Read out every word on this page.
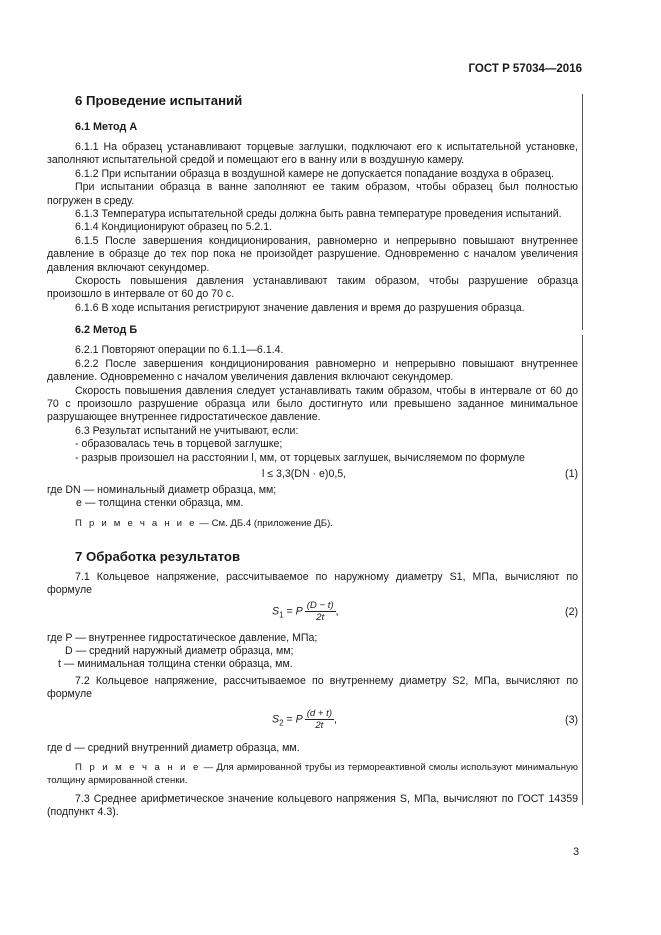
ГОСТ Р 57034—2016
6 Проведение испытаний
6.1 Метод А

6.1.1 На образец устанавливают торцевые заглушки, подключают его к испытательной установке, заполняют испытательной средой и помещают его в ванну или в воздушную камеру.

6.1.2 При испытании образца в воздушной камере не допускается попадание воздуха в образец.

При испытании образца в ванне заполняют ее таким образом, чтобы образец был полностью погружен в среду.

6.1.3 Температура испытательной среды должна быть равна температуре проведения испытаний.

6.1.4 Кондиционируют образец по 5.2.1.

6.1.5 После завершения кондиционирования, равномерно и непрерывно повышают внутреннее давление в образце до тех пор пока не произойдет разрушение. Одновременно с началом увеличения давления включают секундомер.

Скорость повышения давления устанавливают таким образом, чтобы разрушение образца произошло в интервале от 60 до 70 с.

6.1.6 В ходе испытания регистрируют значение давления и время до разрушения образца.

6.2 Метод Б

6.2.1 Повторяют операции по 6.1.1—6.1.4.

6.2.2 После завершения кондиционирования равномерно и непрерывно повышают внутреннее давление. Одновременно с началом увеличения давления включают секундомер.

Скорость повышения давления следует устанавливать таким образом, чтобы в интервале от 60 до 70 с произошло разрушение образца или было достигнуто или превышено заданное минимальное разрушающее внутреннее гидростатическое давление.

6.3 Результат испытаний не учитывают, если:

- образовалась течь в торцевой заглушке;

- разрыв произошел на расстоянии l, мм, от торцевых заглушек, вычисляемом по формуле

l ≤ 3,3(DN · e)0,5,	(1)

где DN — номинальный диаметр образца, мм;

e — толщина стенки образца, мм.

П р и м е ч а н и е — См. ДБ.4 (приложение ДБ).

7 Обработка результатов

7.1 Кольцевое напряжение, рассчитываемое по наружному диаметру S1, МПа, вычисляют по формуле

$S_1 = P \frac{(D - t)}{2t}$ ,	(2)

где P — внутреннее гидростатическое давление, МПа;

D — средний наружный диаметр образца, мм;

t — минимальная толщина стенки образца, мм.

7.2 Кольцевое напряжение, рассчитываемое по внутреннему диаметру S2, МПа, вычисляют по формуле

$S_2 = P \frac{(d + t)}{2t}$ ,	(3)

где d — средний внутренний диаметр образца, мм.

П р и м е ч а н и е — Для армированной трубы из термореактивной смолы используют минимальную толщину армированной стенки.

7.3 Среднее арифметическое значение кольцевого напряжения S, МПа, вычисляют по ГОСТ 14359 (подпункт 4.3).

3
